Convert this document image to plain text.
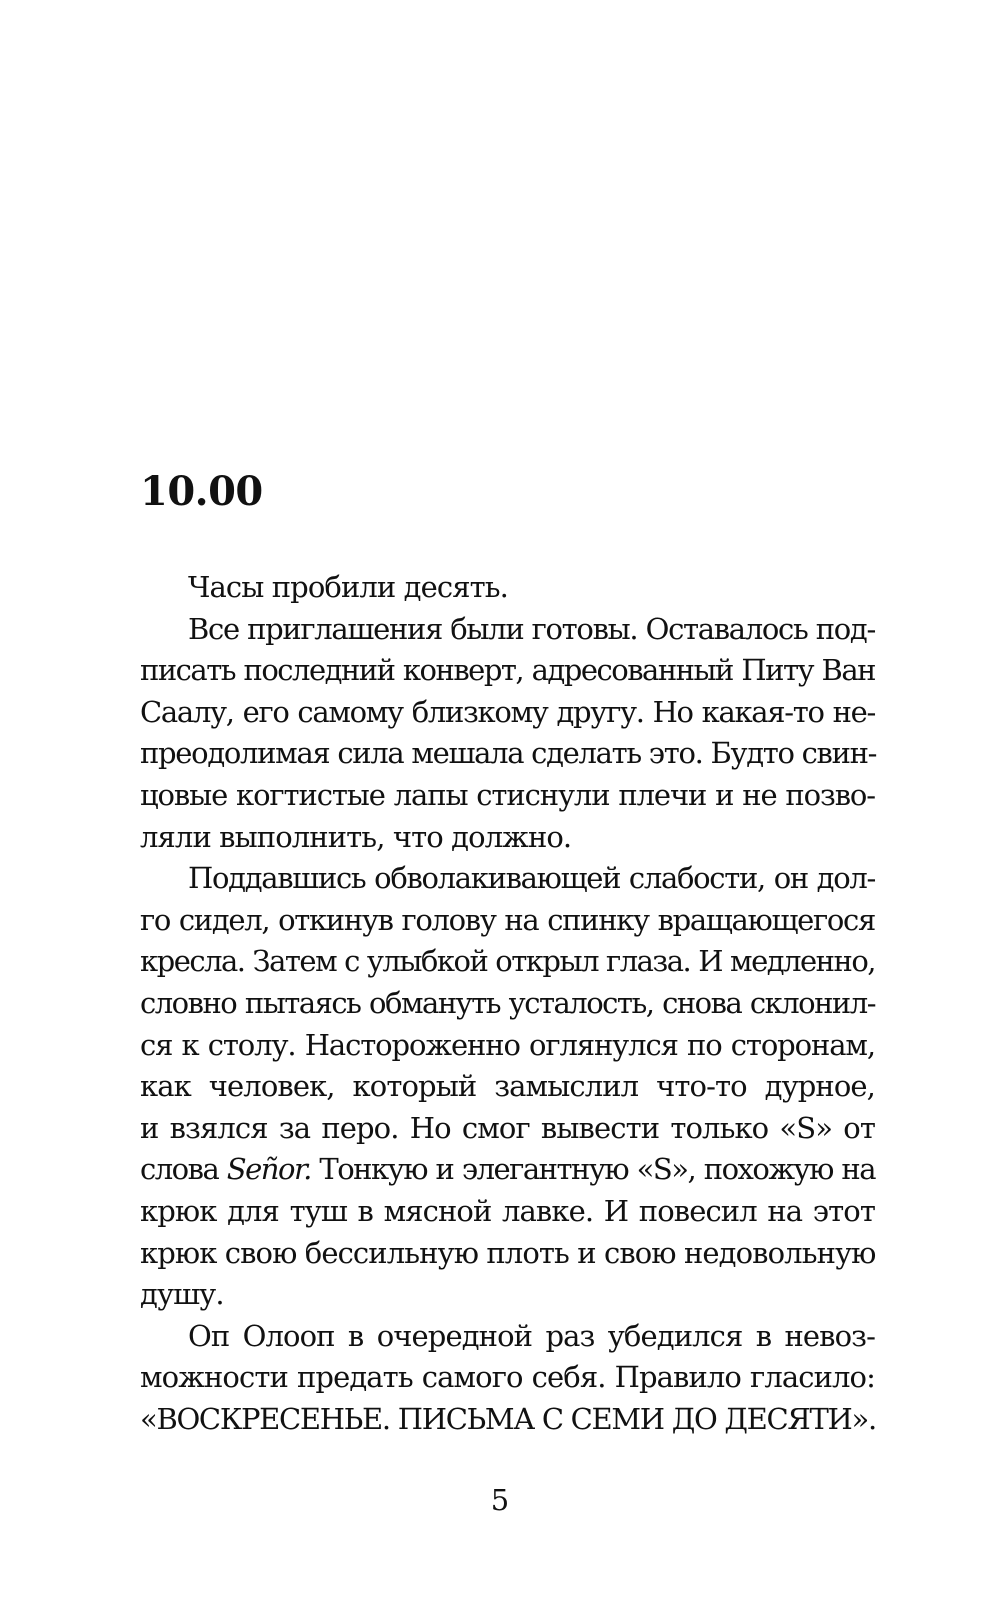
10.00
Часы пробили десять.
Все приглашения были готовы. Оставалось под-
писать последний конверт, адресованный Питу Ван
Саалу, его самому близкому другу. Но какая-то не-
преодолимая сила мешала сделать это. Будто свин-
цовые когтистые лапы стиснули плечи и не позво-
ляли выполнить, что должно.
Поддавшись обволакивающей слабости, он дол-
го сидел, откинув голову на спинку вращающегося
кресла. Затем с улыбкой открыл глаза. И медленно,
словно пытаясь обмануть усталость, снова склонил-
ся к столу. Настороженно оглянулся по сторонам,
как человек, который замыслил что-то дурное,
и взялся за перо. Но смог вывести только «S» от
слова Señor. Тонкую и элегантную «S», похожую на
крюк для туш в мясной лавке. И повесил на этот
крюк свою бессильную плоть и свою недовольную
душу.
Оп Олооп в очередной раз убедился в невоз-
можности предать самого себя. Правило гласило:
«ВОСКРЕСЕНЬЕ. ПИСЬМА С СЕМИ ДО ДЕСЯТИ».
5
